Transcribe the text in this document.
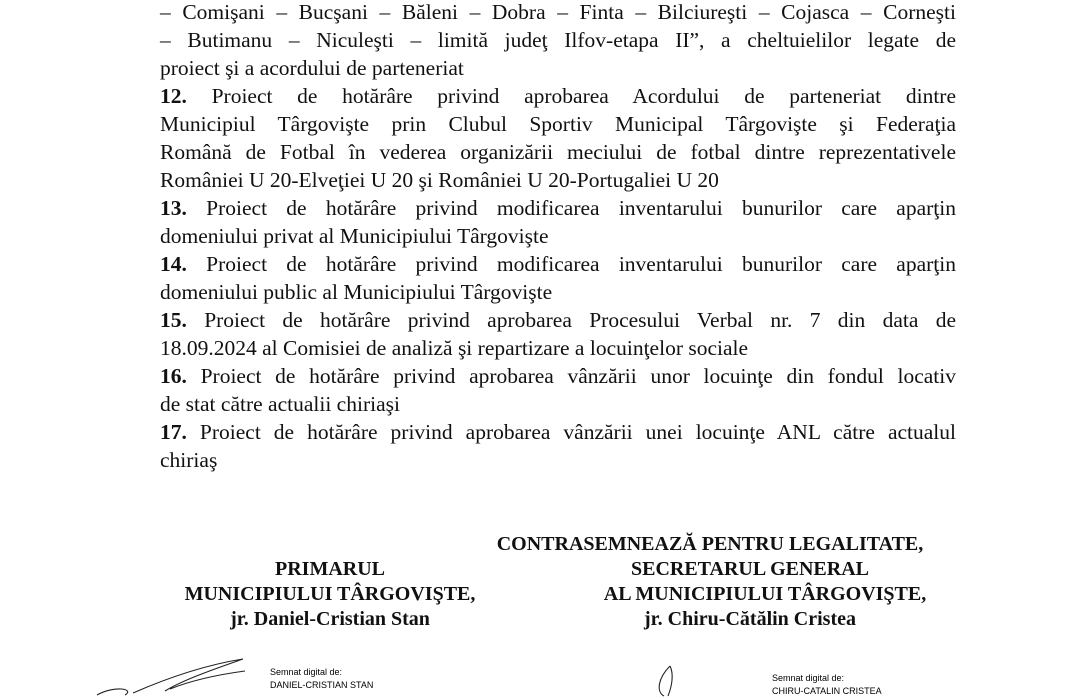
– Comişani – Bucşani – Băleni – Dobra – Finta – Bilciureşti – Cojasca – Corneşti
– Butimanu – Niculeşti – limită judeţ Ilfov-etapa II”, a cheltuielilor legate de
proiect şi a acordului de parteneriat
12. Proiect de hotărâre privind aprobarea Acordului de parteneriat dintre
Municipiul Târgovişte prin Clubul Sportiv Municipal Târgovişte şi Federaţia
Română de Fotbal în vederea organizării meciului de fotbal dintre reprezentativele
României U 20-Elveţiei U 20 şi României U 20-Portugaliei U 20
13. Proiect de hotărâre privind modificarea inventarului bunurilor care aparţin
domeniului privat al Municipiului Târgovişte
14. Proiect de hotărâre privind modificarea inventarului bunurilor care aparţin
domeniului public al Municipiului Târgovişte
15. Proiect de hotărâre privind aprobarea Procesului Verbal nr. 7 din data de
18.09.2024 al Comisiei de analiză şi repartizare a locuinţelor sociale
16. Proiect de hotărâre privind aprobarea vânzării unor locuinţe din fondul locativ
de stat către actualii chiriaşi
17. Proiect de hotărâre privind aprobarea vânzării unei locuinţe ANL către actualul
chiriaş
CONTRASEMNEAZĂ PENTRU LEGALITATE,
SECRETARUL GENERAL
AL MUNICIPIULUI TÂRGOVIŞTE,
jr. Chiru-Cătălin Cristea
PRIMARUL
MUNICIPIULUI TÂRGOVIŞTE,
jr. Daniel-Cristian Stan
Semnat digital de:
DANIEL-CRISTIAN STAN
Semnat digital de:
CHIRU-CATALIN CRISTEA
